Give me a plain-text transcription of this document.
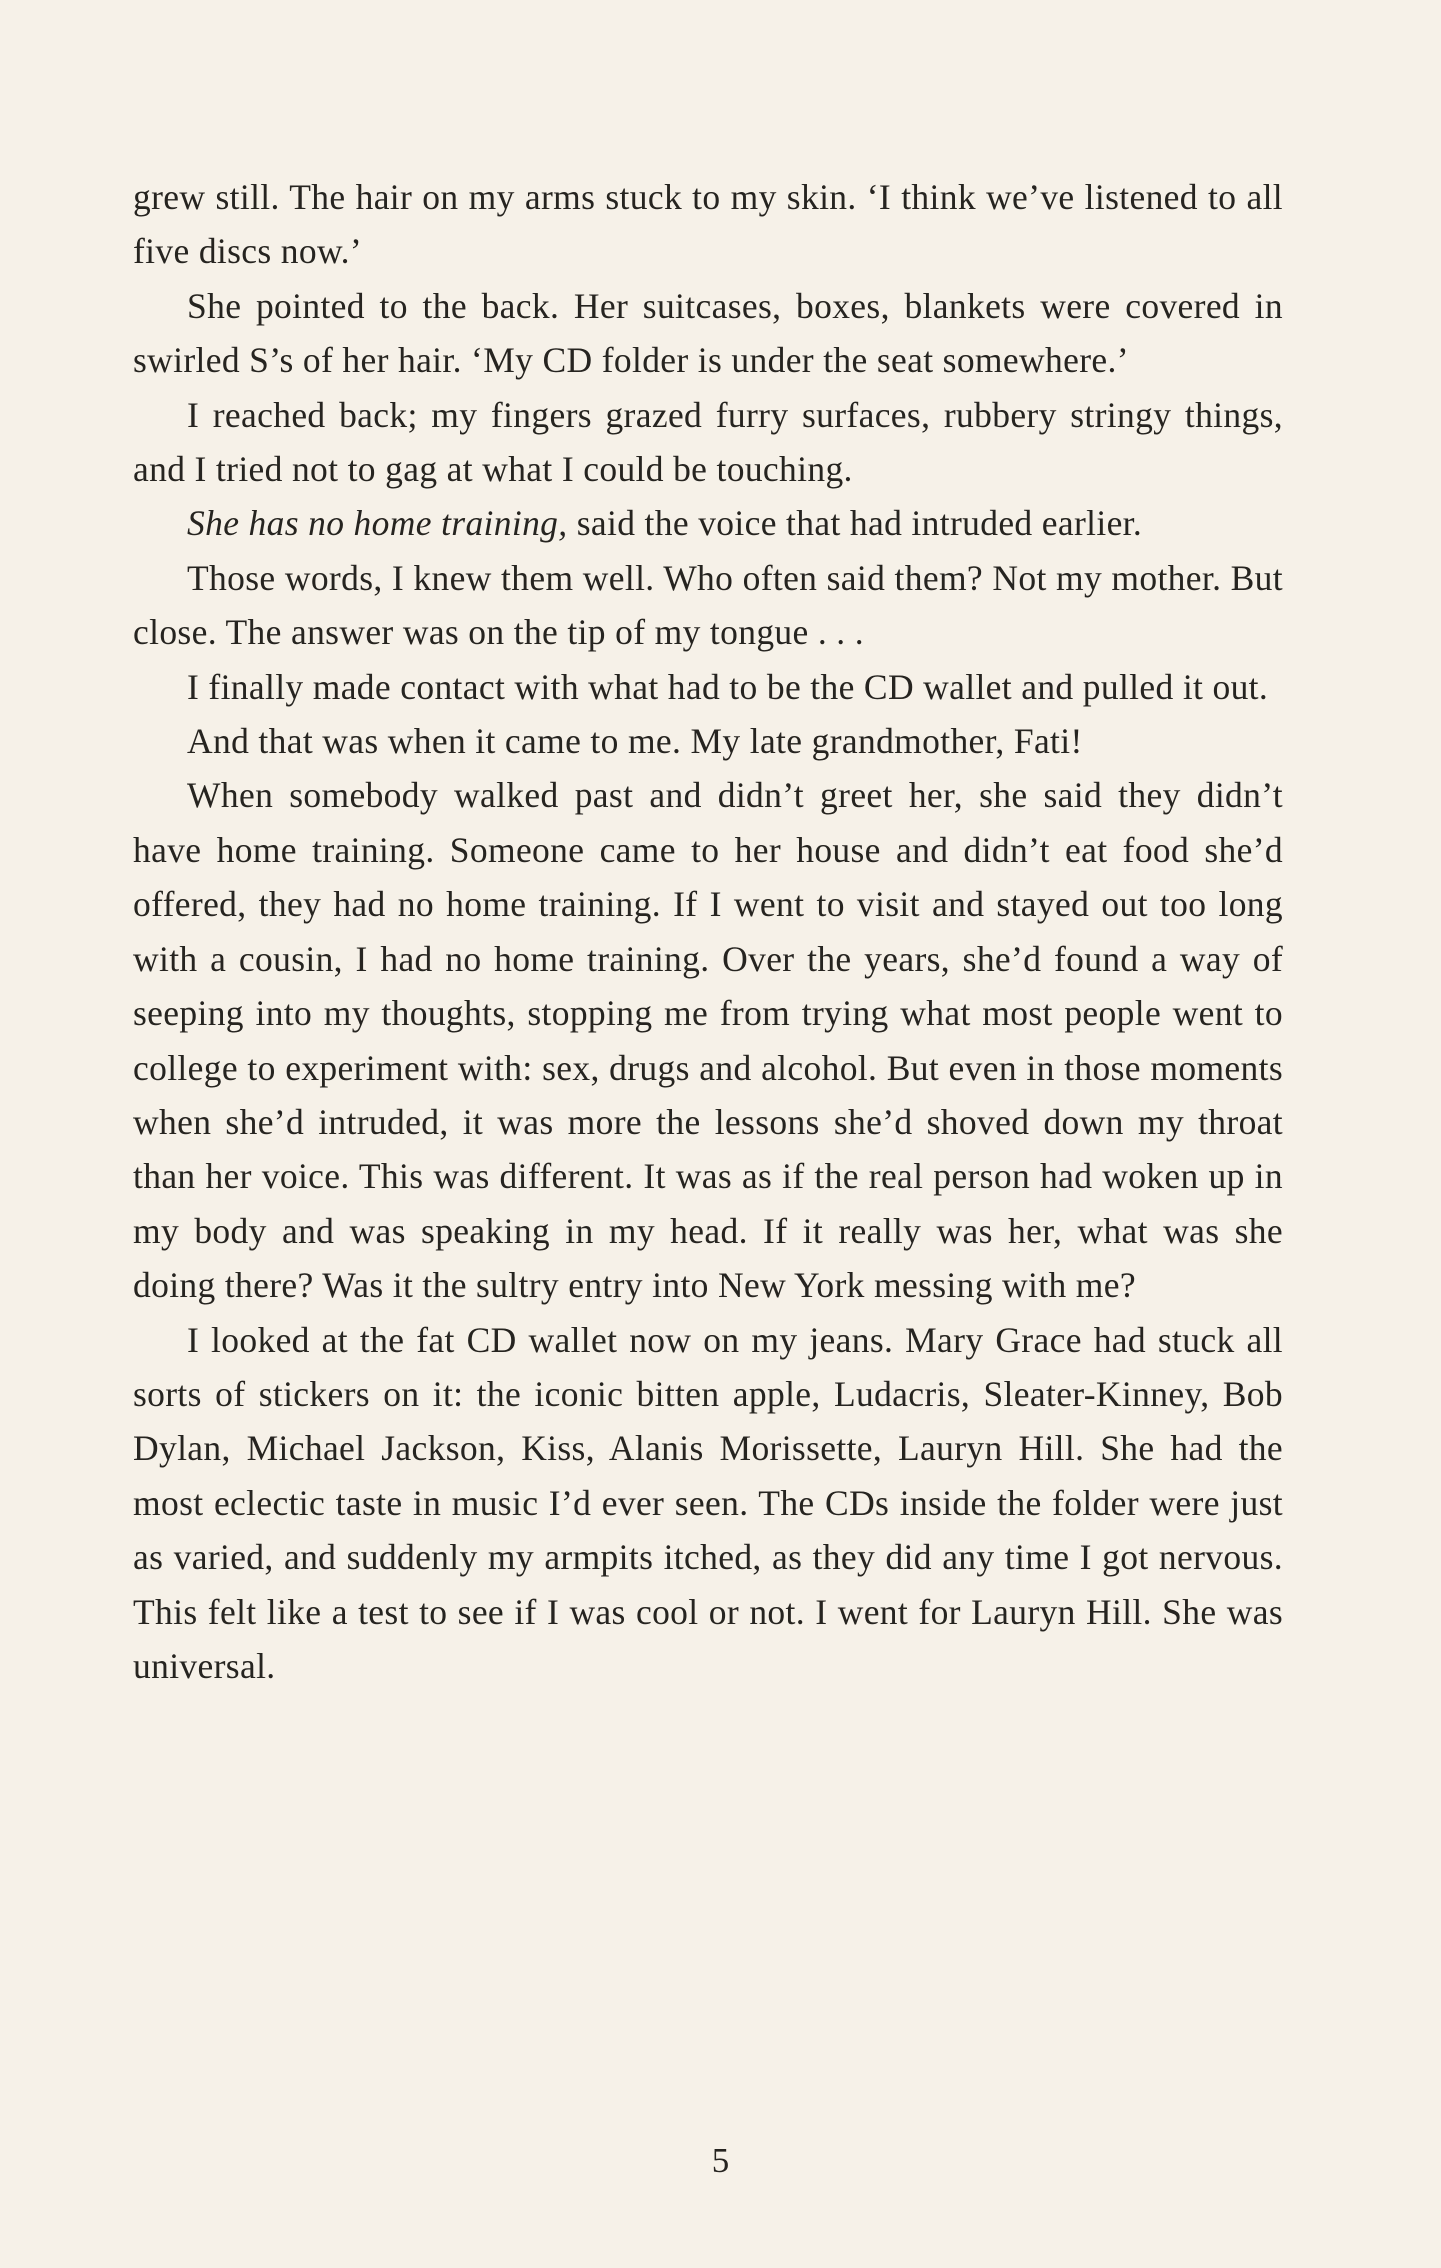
grew still. The hair on my arms stuck to my skin. ‘I think we’ve listened to all five discs now.’

She pointed to the back. Her suitcases, boxes, blankets were covered in swirled S’s of her hair. ‘My CD folder is under the seat somewhere.’

I reached back; my fingers grazed furry surfaces, rubbery stringy things, and I tried not to gag at what I could be touching.

She has no home training, said the voice that had intruded earlier.

Those words, I knew them well. Who often said them? Not my mother. But close. The answer was on the tip of my tongue . . .

I finally made contact with what had to be the CD wallet and pulled it out.

And that was when it came to me. My late grandmother, Fati!

When somebody walked past and didn’t greet her, she said they didn’t have home training. Someone came to her house and didn’t eat food she’d offered, they had no home training. If I went to visit and stayed out too long with a cousin, I had no home training. Over the years, she’d found a way of seeping into my thoughts, stopping me from trying what most people went to college to experiment with: sex, drugs and alcohol. But even in those moments when she’d intruded, it was more the lessons she’d shoved down my throat than her voice. This was different. It was as if the real person had woken up in my body and was speaking in my head. If it really was her, what was she doing there? Was it the sultry entry into New York messing with me?

I looked at the fat CD wallet now on my jeans. Mary Grace had stuck all sorts of stickers on it: the iconic bitten apple, Ludacris, Sleater-Kinney, Bob Dylan, Michael Jackson, Kiss, Alanis Morissette, Lauryn Hill. She had the most eclectic taste in music I’d ever seen. The CDs inside the folder were just as varied, and suddenly my armpits itched, as they did any time I got nervous. This felt like a test to see if I was cool or not. I went for Lauryn Hill. She was universal.

5
